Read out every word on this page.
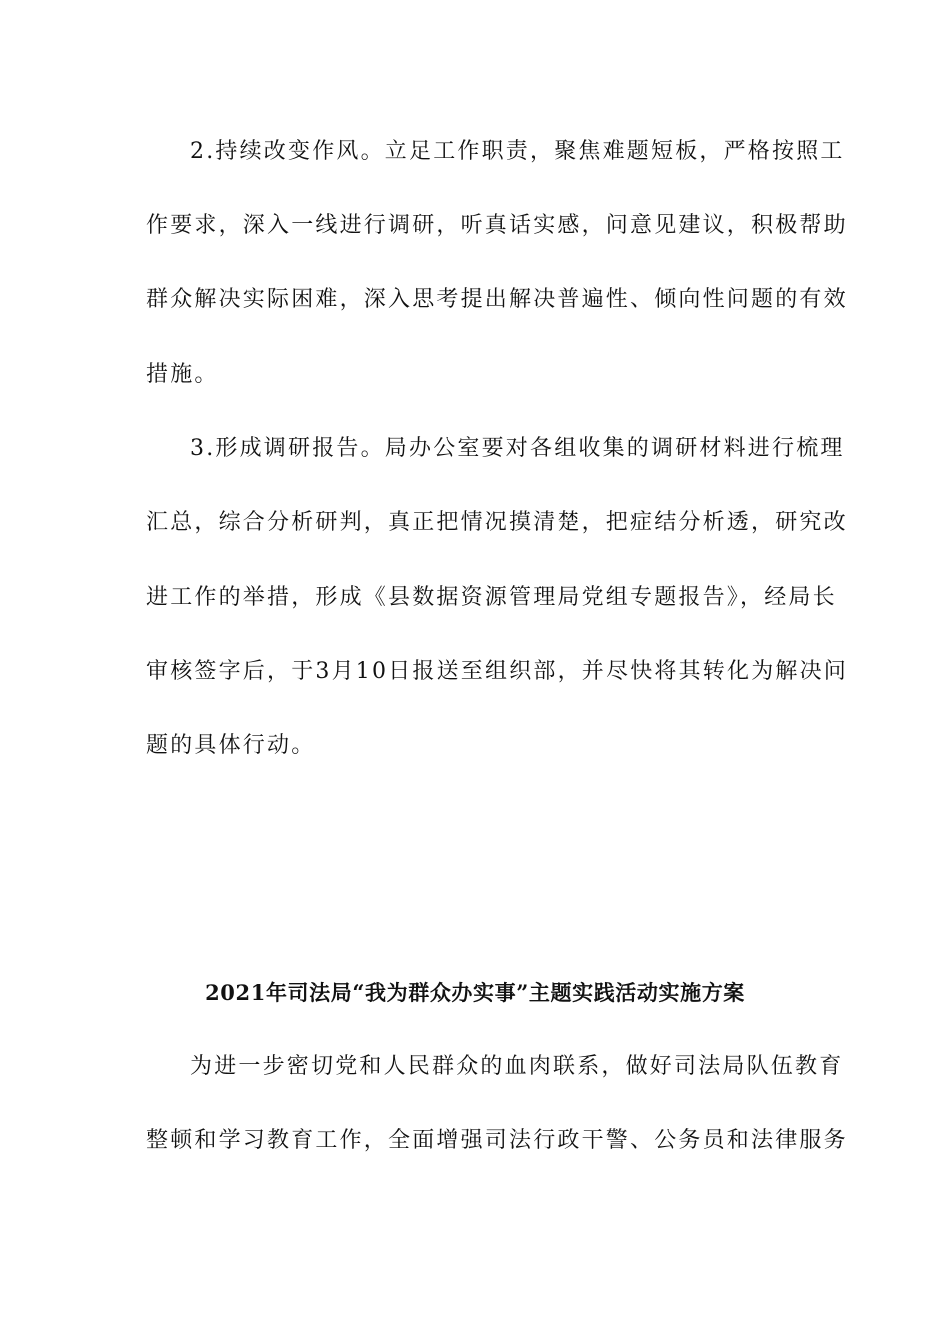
2.持续改变作风。立足工作职责，聚焦难题短板，严格按照工
作要求，深入一线进行调研，听真话实感，问意见建议，积极帮助
群众解决实际困难，深入思考提出解决普遍性、倾向性问题的有效
措施。
3.形成调研报告。局办公室要对各组收集的调研材料进行梳理
汇总，综合分析研判，真正把情况摸清楚，把症结分析透，研究改
进工作的举措，形成《县数据资源管理局党组专题报告》，经局长
审核签字后，于3月10日报送至组织部，并尽快将其转化为解决问
题的具体行动。
2021年司法局“我为群众办实事”主题实践活动实施方案
为进一步密切党和人民群众的血肉联系，做好司法局队伍教育
整顿和学习教育工作，全面增强司法行政干警、公务员和法律服务
